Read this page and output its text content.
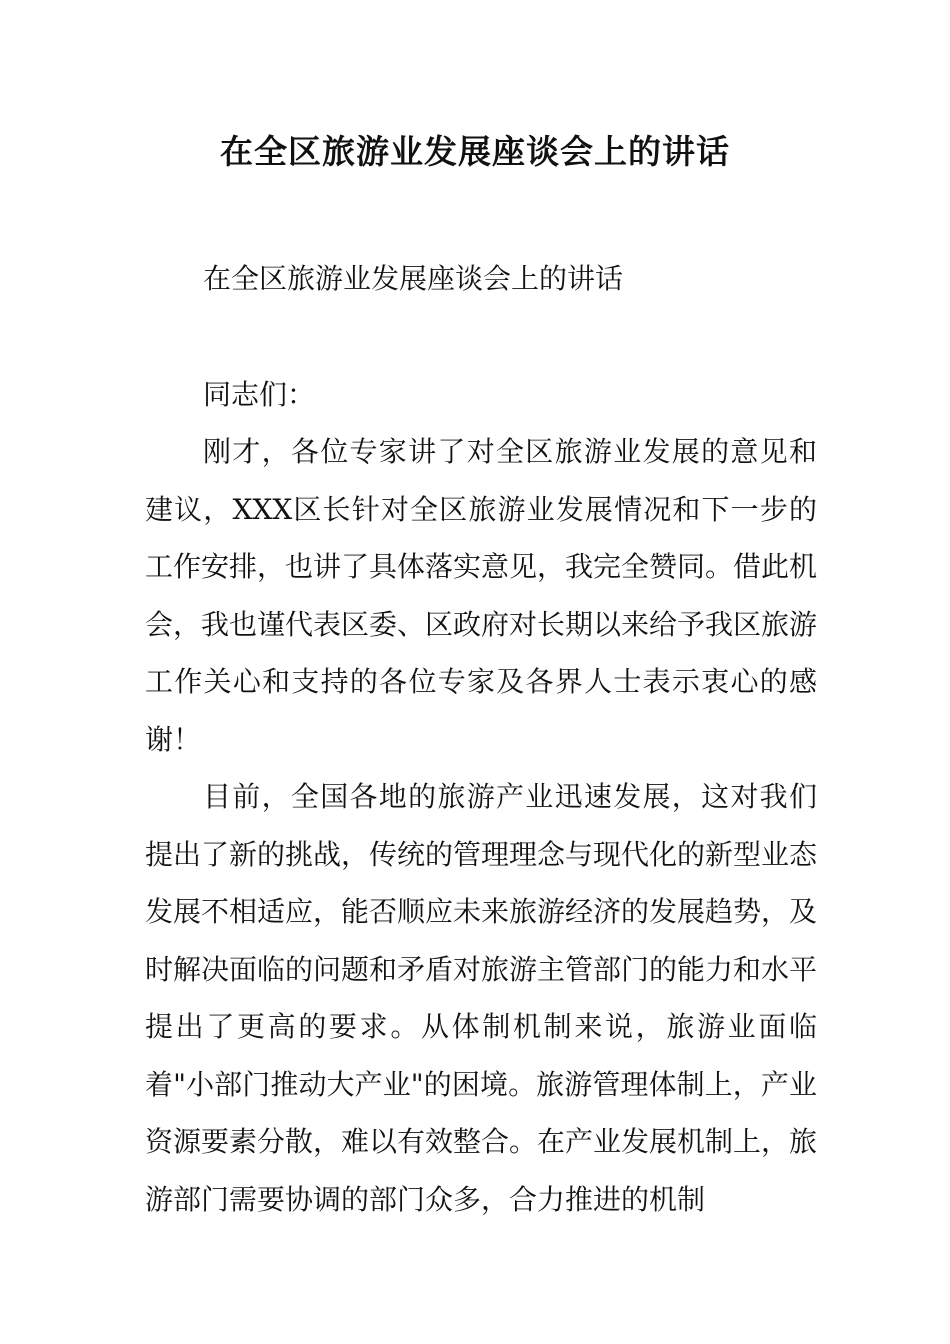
在全区旅游业发展座谈会上的讲话

在全区旅游业发展座谈会上的讲话

同志们：

刚才，各位专家讲了对全区旅游业发展的意见和建议，XXX区长针对全区旅游业发展情况和下一步的工作安排，也讲了具体落实意见，我完全赞同。借此机会，我也谨代表区委、区政府对长期以来给予我区旅游工作关心和支持的各位专家及各界人士表示衷心的感谢！

目前，全国各地的旅游产业迅速发展，这对我们提出了新的挑战，传统的管理理念与现代化的新型业态发展不相适应，能否顺应未来旅游经济的发展趋势，及时解决面临的问题和矛盾对旅游主管部门的能力和水平提出了更高的要求。从体制机制来说，旅游业面临着"小部门推动大产业"的困境。旅游管理体制上，产业资源要素分散，难以有效整合。在产业发展机制上，旅游部门需要协调的部门众多，合力推进的机制
